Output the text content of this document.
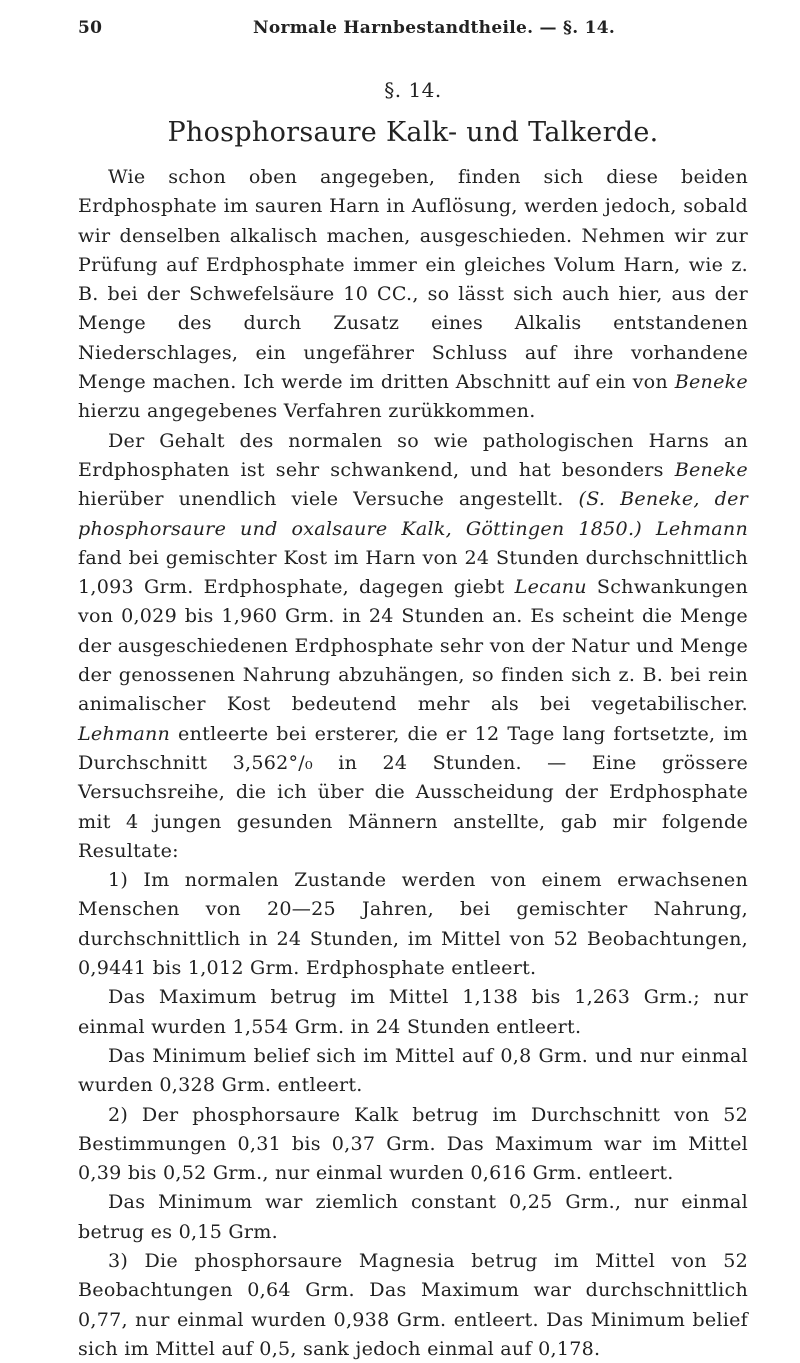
50	Normale Harnbestandtheile. — §. 14.
§. 14.
Phosphorsaure Kalk- und Talkerde.

Wie schon oben angegeben, finden sich diese beiden Erdphosphate im sauren Harn in Auflösung, werden jedoch, sobald wir denselben alkalisch machen, ausgeschieden. Nehmen wir zur Prüfung auf Erdphosphate immer ein gleiches Volum Harn, wie z. B. bei der Schwefelsäure 10 CC., so lässt sich auch hier, aus der Menge des durch Zusatz eines Alkalis entstandenen Niederschlages, ein ungefährer Schluss auf ihre vorhandene Menge machen. Ich werde im dritten Abschnitt auf ein von Beneke hierzu angegebenes Verfahren zurükkommen.

Der Gehalt des normalen so wie pathologischen Harns an Erdphosphaten ist sehr schwankend, und hat besonders Beneke hierüber unendlich viele Versuche angestellt. (S. Beneke, der phosphorsaure und oxalsaure Kalk, Göttingen 1850.) Lehmann fand bei gemischter Kost im Harn von 24 Stunden durchschnittlich 1,093 Grm. Erdphosphate, dagegen giebt Lecanu Schwankungen von 0,029 bis 1,960 Grm. in 24 Stunden an. Es scheint die Menge der ausgeschiedenen Erdphosphate sehr von der Natur und Menge der genossenen Nahrung abzuhängen, so finden sich z. B. bei rein animalischer Kost bedeutend mehr als bei vegetabilischer. Lehmann entleerte bei ersterer, die er 12 Tage lang fortsetzte, im Durchschnitt 3,562°/₀ in 24 Stunden. — Eine grössere Versuchsreihe, die ich über die Ausscheidung der Erdphosphate mit 4 jungen gesunden Männern anstellte, gab mir folgende Resultate:

1) Im normalen Zustande werden von einem erwachsenen Menschen von 20—25 Jahren, bei gemischter Nahrung, durchschnittlich in 24 Stunden, im Mittel von 52 Beobachtungen, 0,9441 bis 1,012 Grm. Erdphosphate entleert.

Das Maximum betrug im Mittel 1,138 bis 1,263 Grm.; nur einmal wurden 1,554 Grm. in 24 Stunden entleert.

Das Minimum belief sich im Mittel auf 0,8 Grm. und nur einmal wurden 0,328 Grm. entleert.

2) Der phosphorsaure Kalk betrug im Durchschnitt von 52 Bestimmungen 0,31 bis 0,37 Grm. Das Maximum war im Mittel 0,39 bis 0,52 Grm., nur einmal wurden 0,616 Grm. entleert.

Das Minimum war ziemlich constant 0,25 Grm., nur einmal betrug es 0,15 Grm.

3) Die phosphorsaure Magnesia betrug im Mittel von 52 Beobachtungen 0,64 Grm. Das Maximum war durchschnittlich 0,77, nur einmal wurden 0,938 Grm. entleert. Das Minimum belief sich im Mittel auf 0,5, sank jedoch einmal auf 0,178.
